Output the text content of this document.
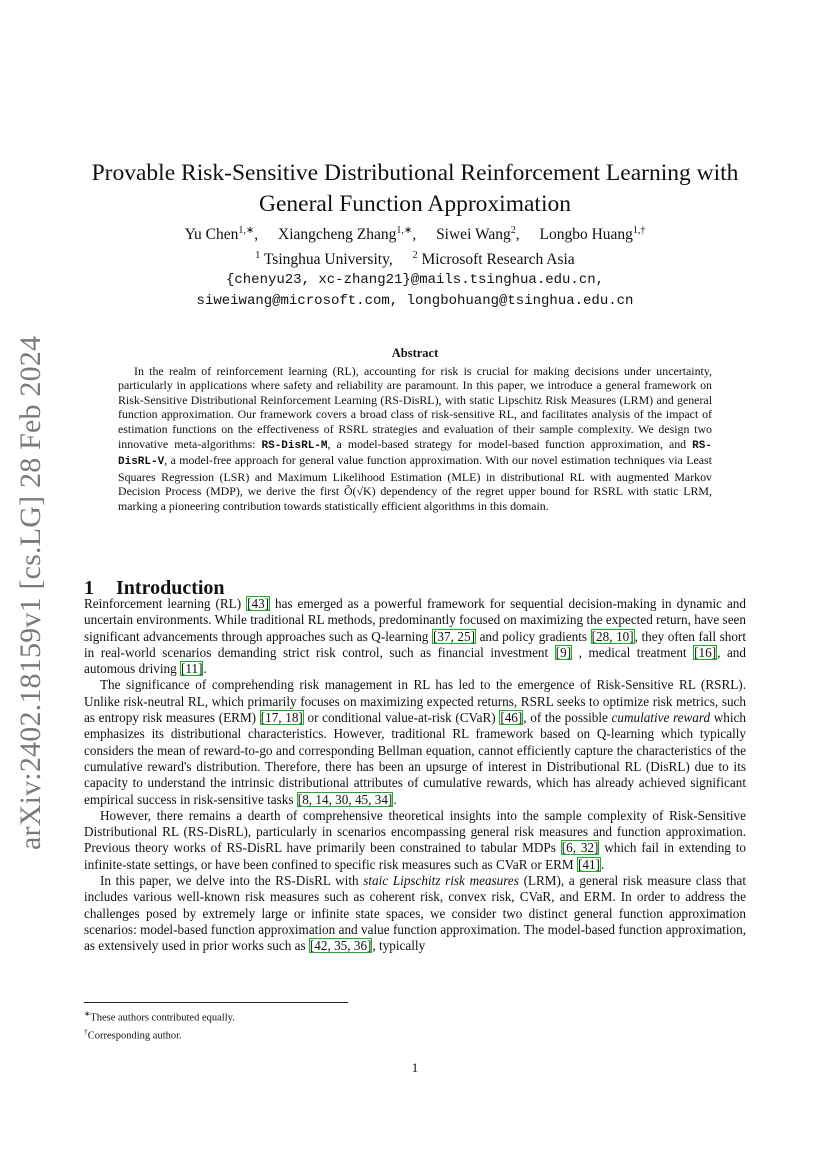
arXiv:2402.18159v1 [cs.LG] 28 Feb 2024
Provable Risk-Sensitive Distributional Reinforcement Learning with
General Function Approximation
Yu Chen$^{1,∗}$, Xiangcheng Zhang$^{1,∗}$, Siwei Wang$^2$, Longbo Huang$^{1,\dagger}$
$^1$ Tsinghua University, $^2$ Microsoft Research Asia
{chenyu23, xc-zhang21}@mails.tsinghua.edu.cn,
siweiwang@microsoft.com, longbohuang@tsinghua.edu.cn
Abstract

In the realm of reinforcement learning (RL), accounting for risk is crucial for making decisions under uncertainty, particularly in applications where safety and reliability are paramount. In this paper, we introduce a general framework on Risk-Sensitive Distributional Reinforcement Learning (RS-DisRL), with static Lipschitz Risk Measures (LRM) and general function approximation. Our framework covers a broad class of risk-sensitive RL, and facilitates analysis of the impact of estimation functions on the effectiveness of RSRL strategies and evaluation of their sample complexity. We design two innovative meta-algorithms: RS-DisRL-M, a model-based strategy for model-based function approximation, and RS-DisRL-V, a model-free approach for general value function approximation. With our novel estimation techniques via Least Squares Regression (LSR) and Maximum Likelihood Estimation (MLE) in distributional RL with augmented Markov Decision Process (MDP), we derive the first Õ(√K) dependency of the regret upper bound for RSRL with static LRM, marking a pioneering contribution towards statistically efficient algorithms in this domain.

1 Introduction

Reinforcement learning (RL) [43] has emerged as a powerful framework for sequential decision-making in dynamic and uncertain environments. While traditional RL methods, predominantly focused on maximizing the expected return, have seen significant advancements through approaches such as Q-learning [37, 25] and policy gradients [28, 10], they often fall short in real-world scenarios demanding strict risk control, such as financial investment [9] , medical treatment [16], and automous driving [11].

The significance of comprehending risk management in RL has led to the emergence of Risk-Sensitive RL (RSRL). Unlike risk-neutral RL, which primarily focuses on maximizing expected returns, RSRL seeks to optimize risk metrics, such as entropy risk measures (ERM) [17, 18] or conditional value-at-risk (CVaR) [46], of the possible cumulative reward which emphasizes its distributional characteristics. However, traditional RL framework based on Q-learning which typically considers the mean of reward-to-go and corresponding Bellman equation, cannot efficiently capture the characteristics of the cumulative reward's distribution. Therefore, there has been an upsurge of interest in Distributional RL (DisRL) due to its capacity to understand the intrinsic distributional attributes of cumulative rewards, which has already achieved significant empirical success in risk-sensitive tasks [8, 14, 30, 45, 34].

However, there remains a dearth of comprehensive theoretical insights into the sample complexity of Risk-Sensitive Distributional RL (RS-DisRL), particularly in scenarios encompassing general risk measures and function approximation. Previous theory works of RS-DisRL have primarily been constrained to tabular MDPs [6, 32] which fail in extending to infinite-state settings, or have been confined to specific risk measures such as CVaR or ERM [41].

In this paper, we delve into the RS-DisRL with staic Lipschitz risk measures (LRM), a general risk measure class that includes various well-known risk measures such as coherent risk, convex risk, CVaR, and ERM. In order to address the challenges posed by extremely large or infinite state spaces, we consider two distinct general function approximation scenarios: model-based function approximation and value function approximation. The model-based function approximation, as extensively used in prior works such as [42, 35, 36], typically

∗These authors contributed equally.
†Corresponding author.
1
